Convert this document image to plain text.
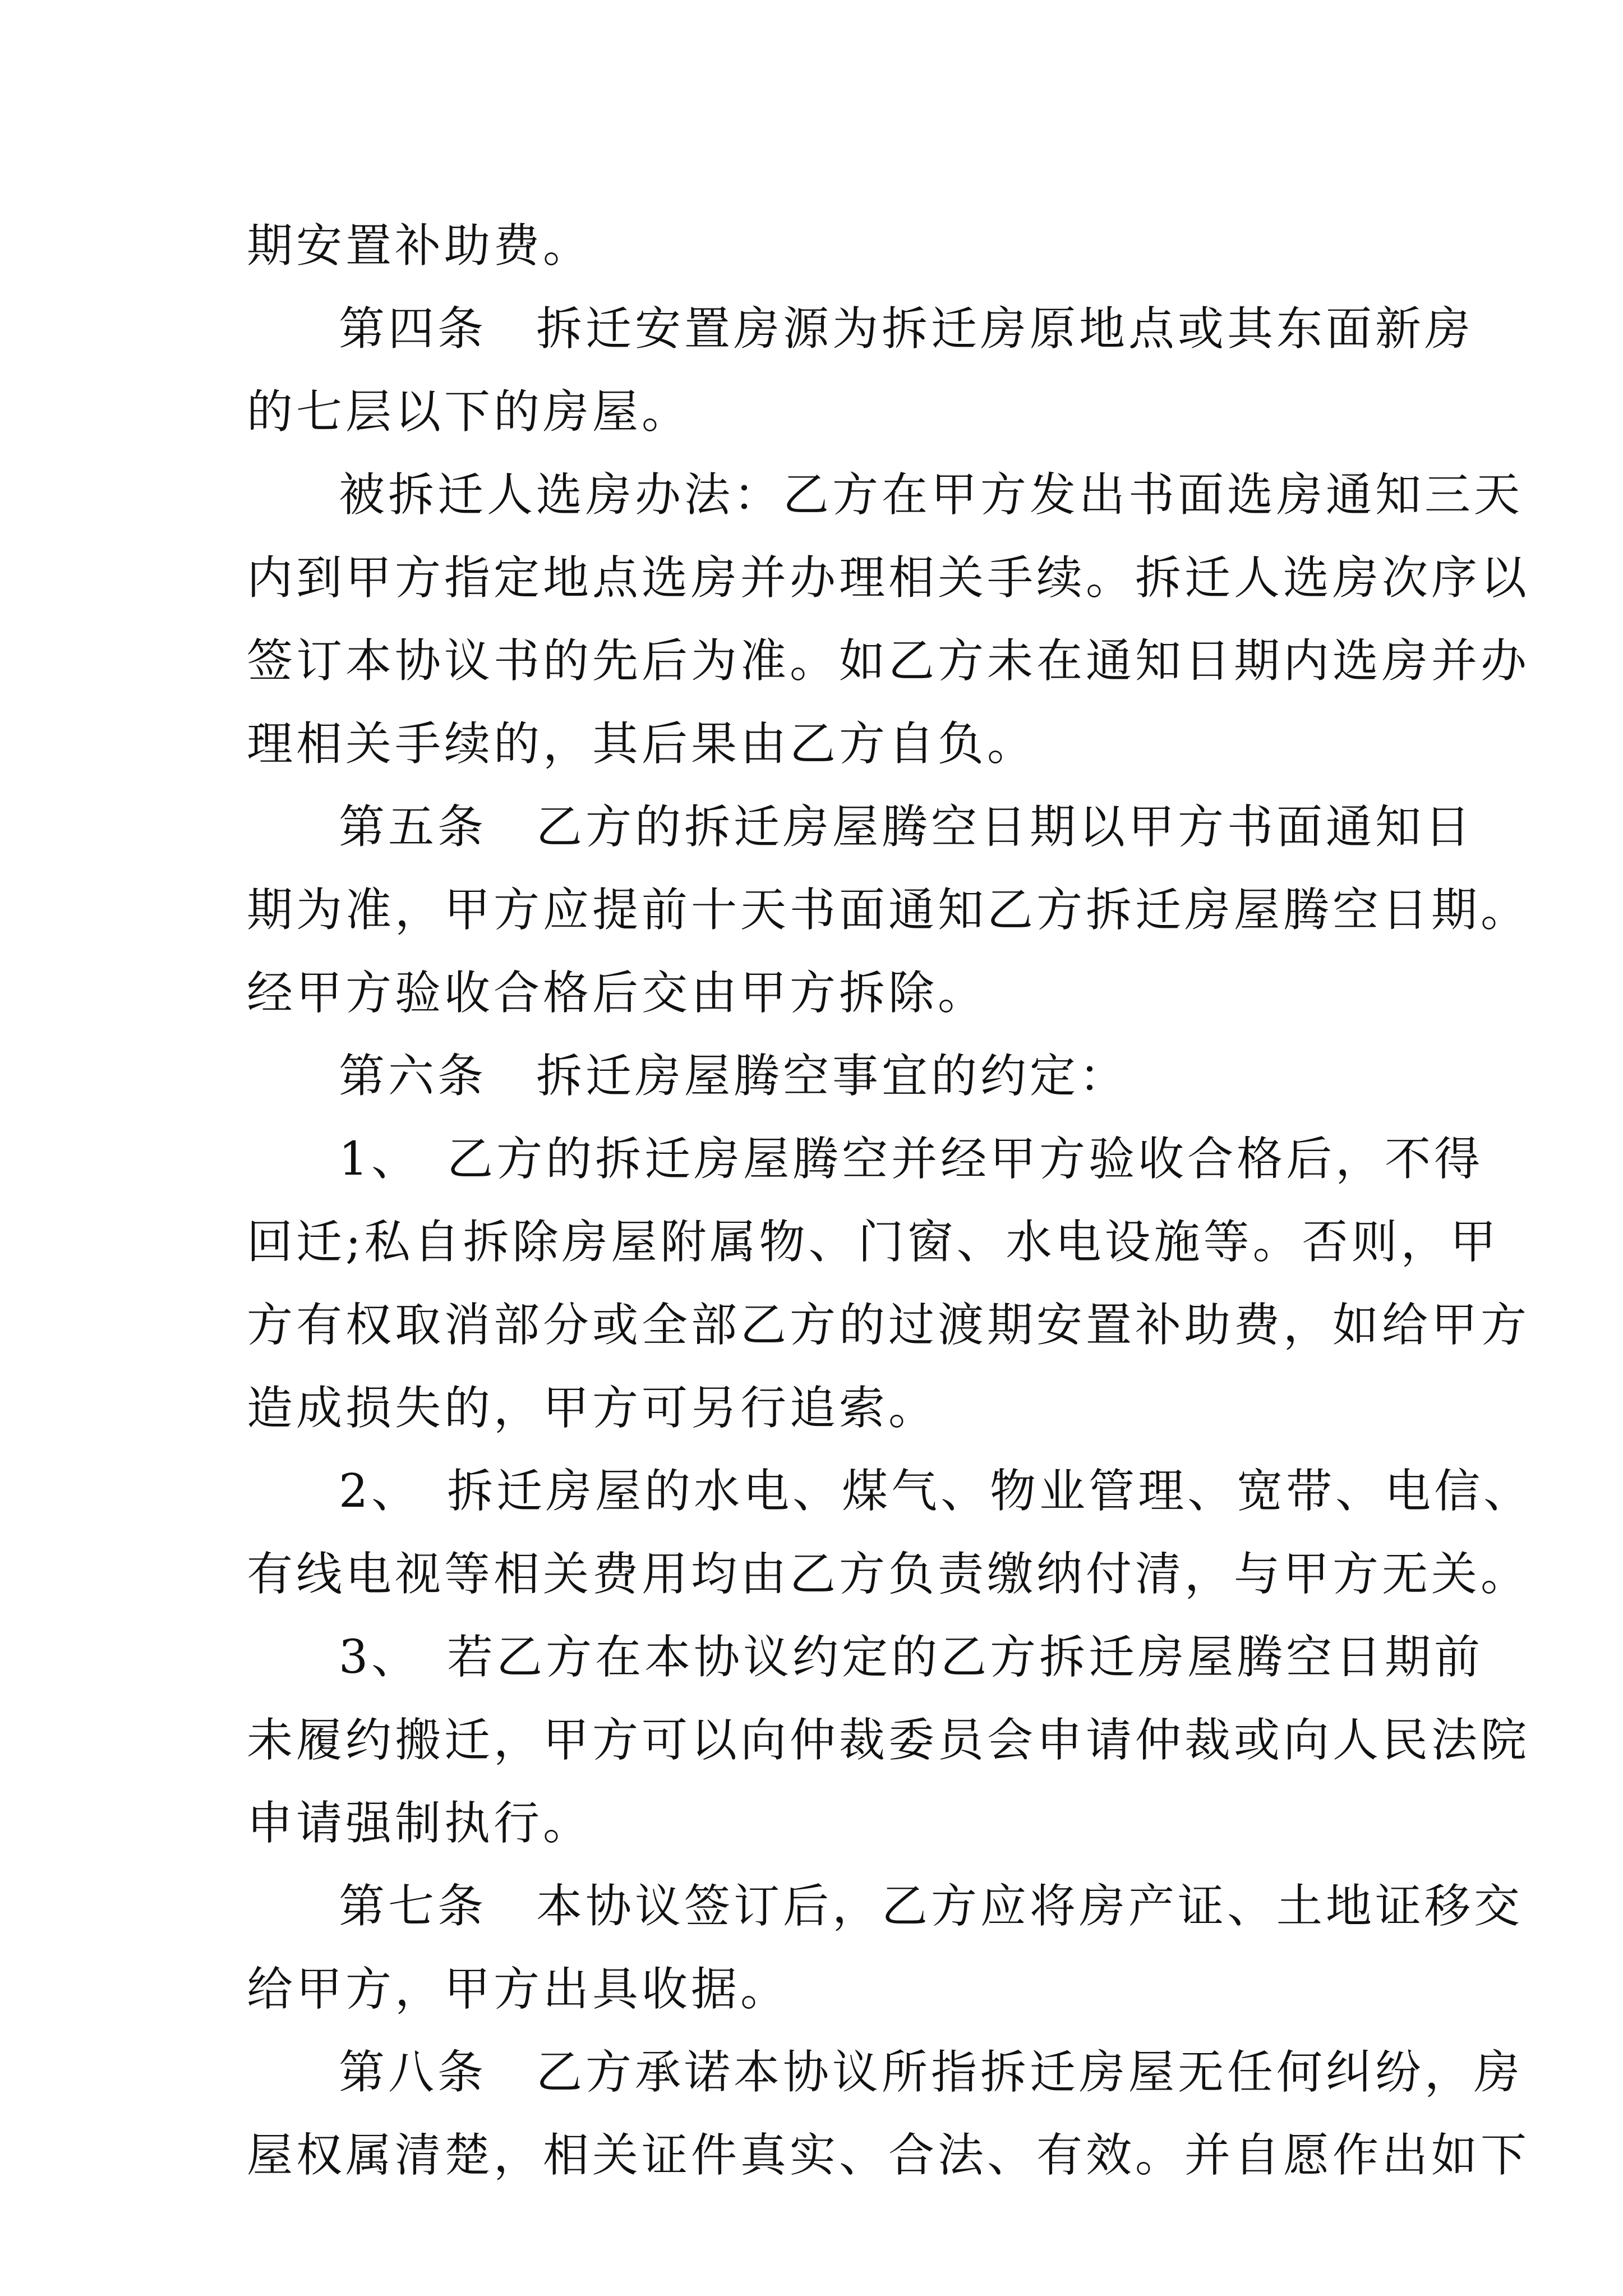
期安置补助费。
第四条　拆迁安置房源为拆迁房原地点或其东面新房
的七层以下的房屋。
被拆迁人选房办法：乙方在甲方发出书面选房通知三天
内到甲方指定地点选房并办理相关手续。拆迁人选房次序以
签订本协议书的先后为准。如乙方未在通知日期内选房并办
理相关手续的，其后果由乙方自负。
第五条　乙方的拆迁房屋腾空日期以甲方书面通知日
期为准，甲方应提前十天书面通知乙方拆迁房屋腾空日期。
经甲方验收合格后交由甲方拆除。
第六条　拆迁房屋腾空事宜的约定：
1、　乙方的拆迁房屋腾空并经甲方验收合格后，不得
回迁;私自拆除房屋附属物、门窗、水电设施等。否则，甲
方有权取消部分或全部乙方的过渡期安置补助费，如给甲方
造成损失的，甲方可另行追索。
2、　拆迁房屋的水电、煤气、物业管理、宽带、电信、
有线电视等相关费用均由乙方负责缴纳付清，与甲方无关。
3、　若乙方在本协议约定的乙方拆迁房屋腾空日期前
未履约搬迁，甲方可以向仲裁委员会申请仲裁或向人民法院
申请强制执行。
第七条　本协议签订后，乙方应将房产证、土地证移交
给甲方，甲方出具收据。
第八条　乙方承诺本协议所指拆迁房屋无任何纠纷，房
屋权属清楚，相关证件真实、合法、有效。并自愿作出如下
